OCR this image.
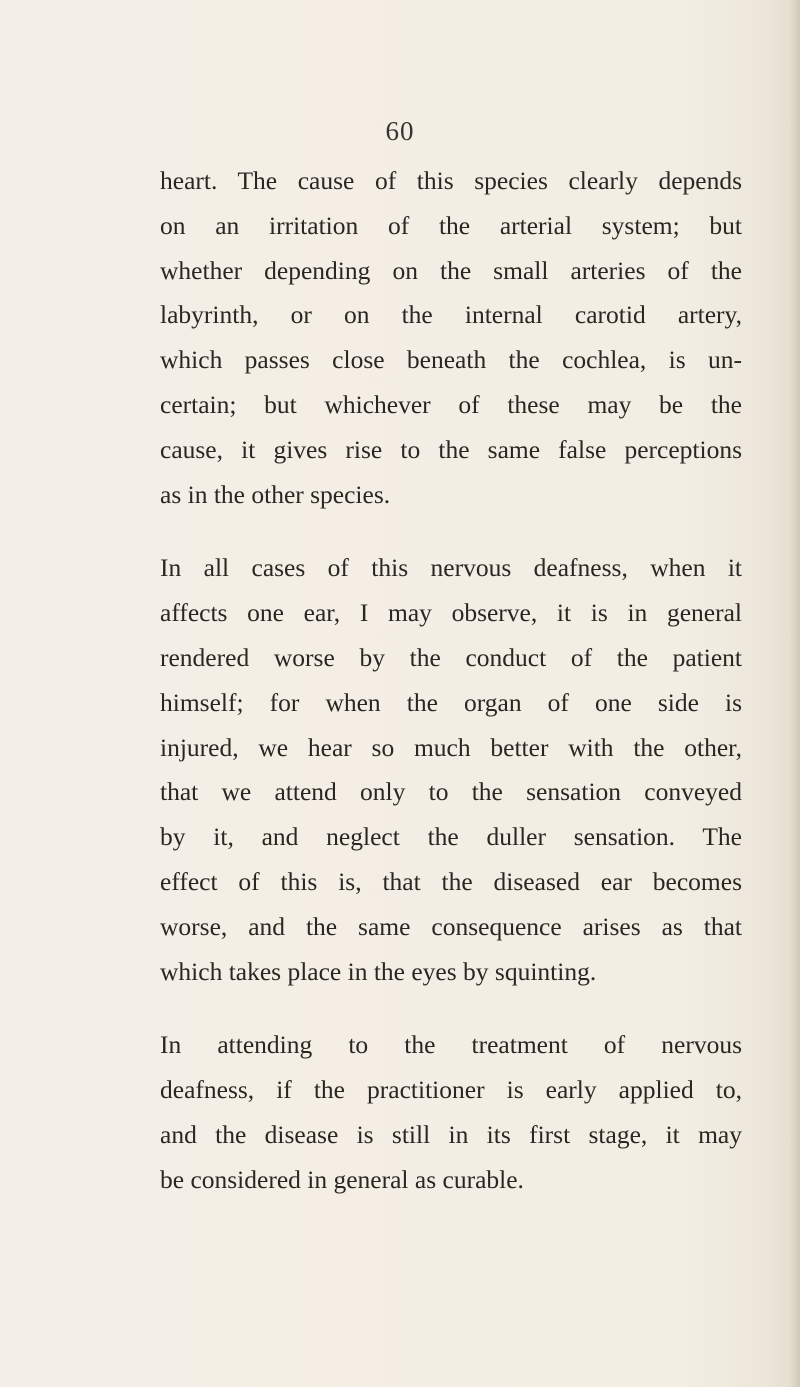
60
heart. The cause of this species clearly depends
on an irritation of the arterial system; but
whether depending on the small arteries of the
labyrinth, or on the internal carotid artery,
which passes close beneath the cochlea, is un-
certain; but whichever of these may be the
cause, it gives rise to the same false perceptions
as in the other species.
In all cases of this nervous deafness, when it
affects one ear, I may observe, it is in general
rendered worse by the conduct of the patient
himself; for when the organ of one side is
injured, we hear so much better with the other,
that we attend only to the sensation conveyed
by it, and neglect the duller sensation. The
effect of this is, that the diseased ear becomes
worse, and the same consequence arises as that
which takes place in the eyes by squinting.
In attending to the treatment of nervous
deafness, if the practitioner is early applied to,
and the disease is still in its first stage, it may
be considered in general as curable.
